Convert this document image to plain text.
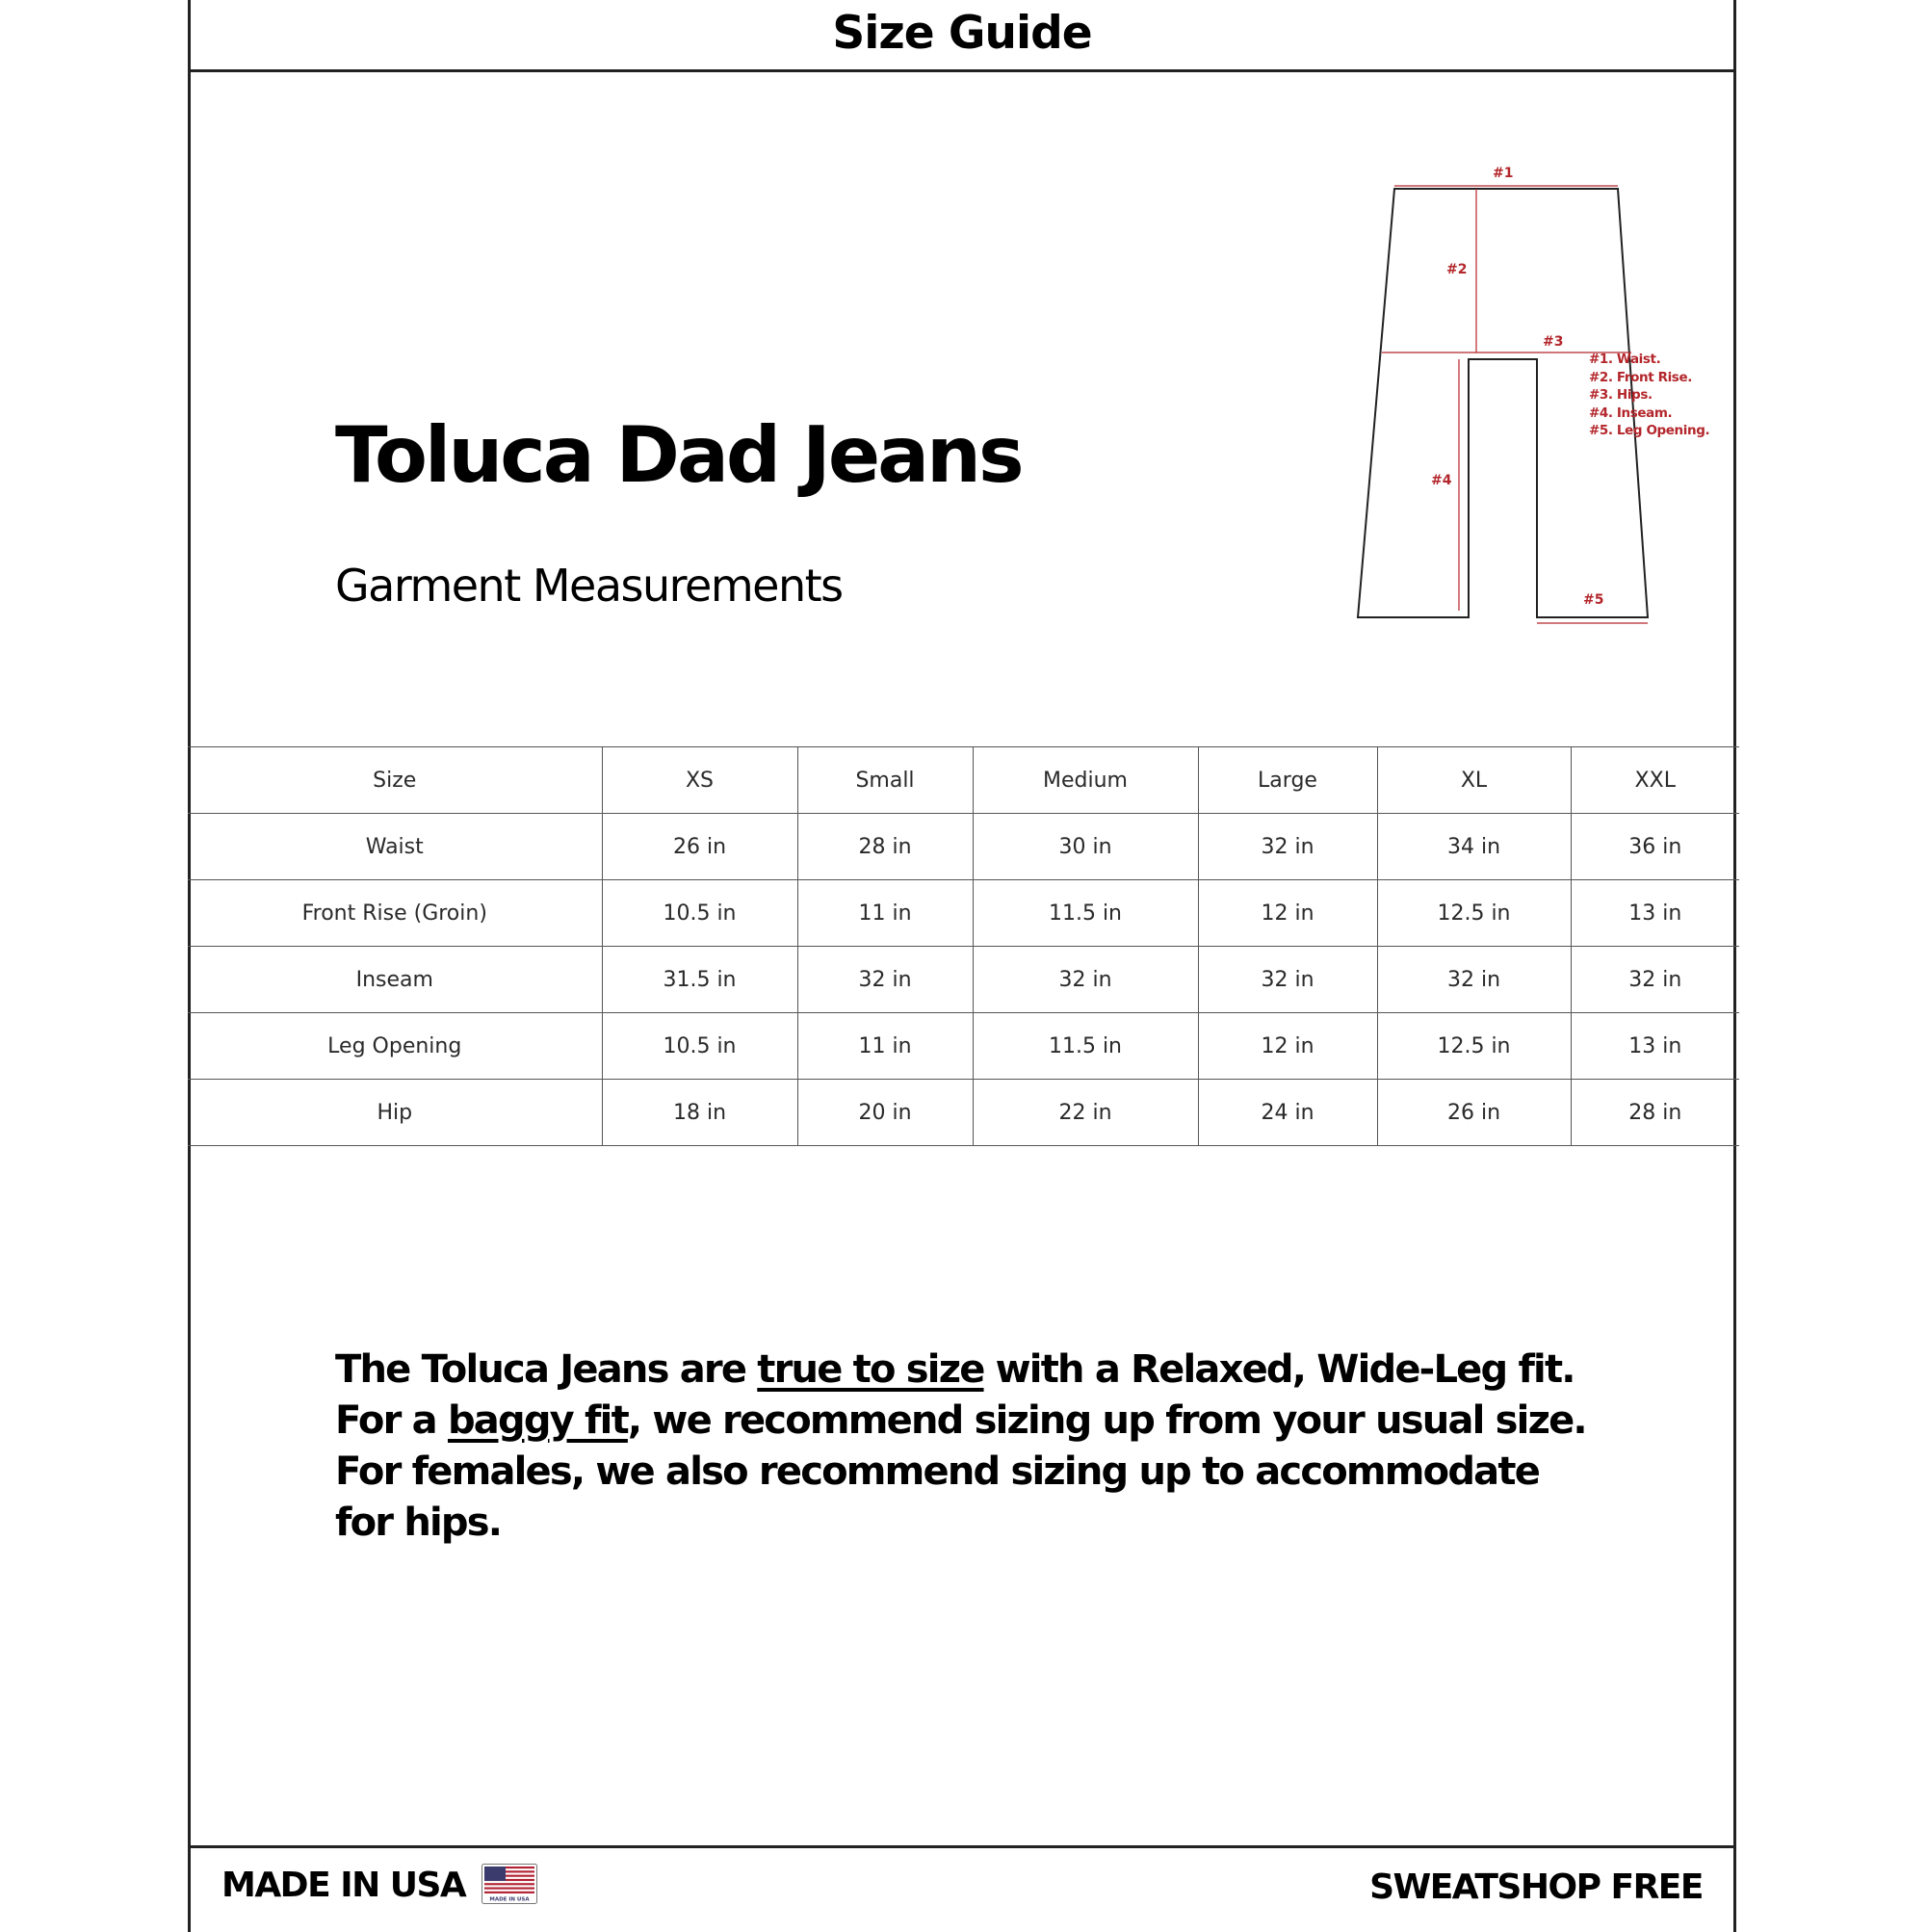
Size Guide
Toluca Dad Jeans
Garment Measurements
#1
#2
#3
#4
#5
#1. Waist.
#2. Front Rise.
#3. Hips.
#4. Inseam.
#5. Leg Opening.
Size	XS	Small	Medium	Large	XL	XXL
Waist	26 in	28 in	30 in	32 in	34 in	36 in
Front Rise (Groin)	10.5 in	11 in	11.5 in	12 in	12.5 in	13 in
Inseam	31.5 in	32 in	32 in	32 in	32 in	32 in
Leg Opening	10.5 in	11 in	11.5 in	12 in	12.5 in	13 in
Hip	18 in	20 in	22 in	24 in	26 in	28 in
The Toluca Jeans are true to size with a Relaxed, Wide-Leg fit. For a baggy fit, we recommend sizing up from your usual size. For females, we also recommend sizing up to accommodate for hips.
MADE IN USA	MADE IN USA	SWEATSHOP FREE
